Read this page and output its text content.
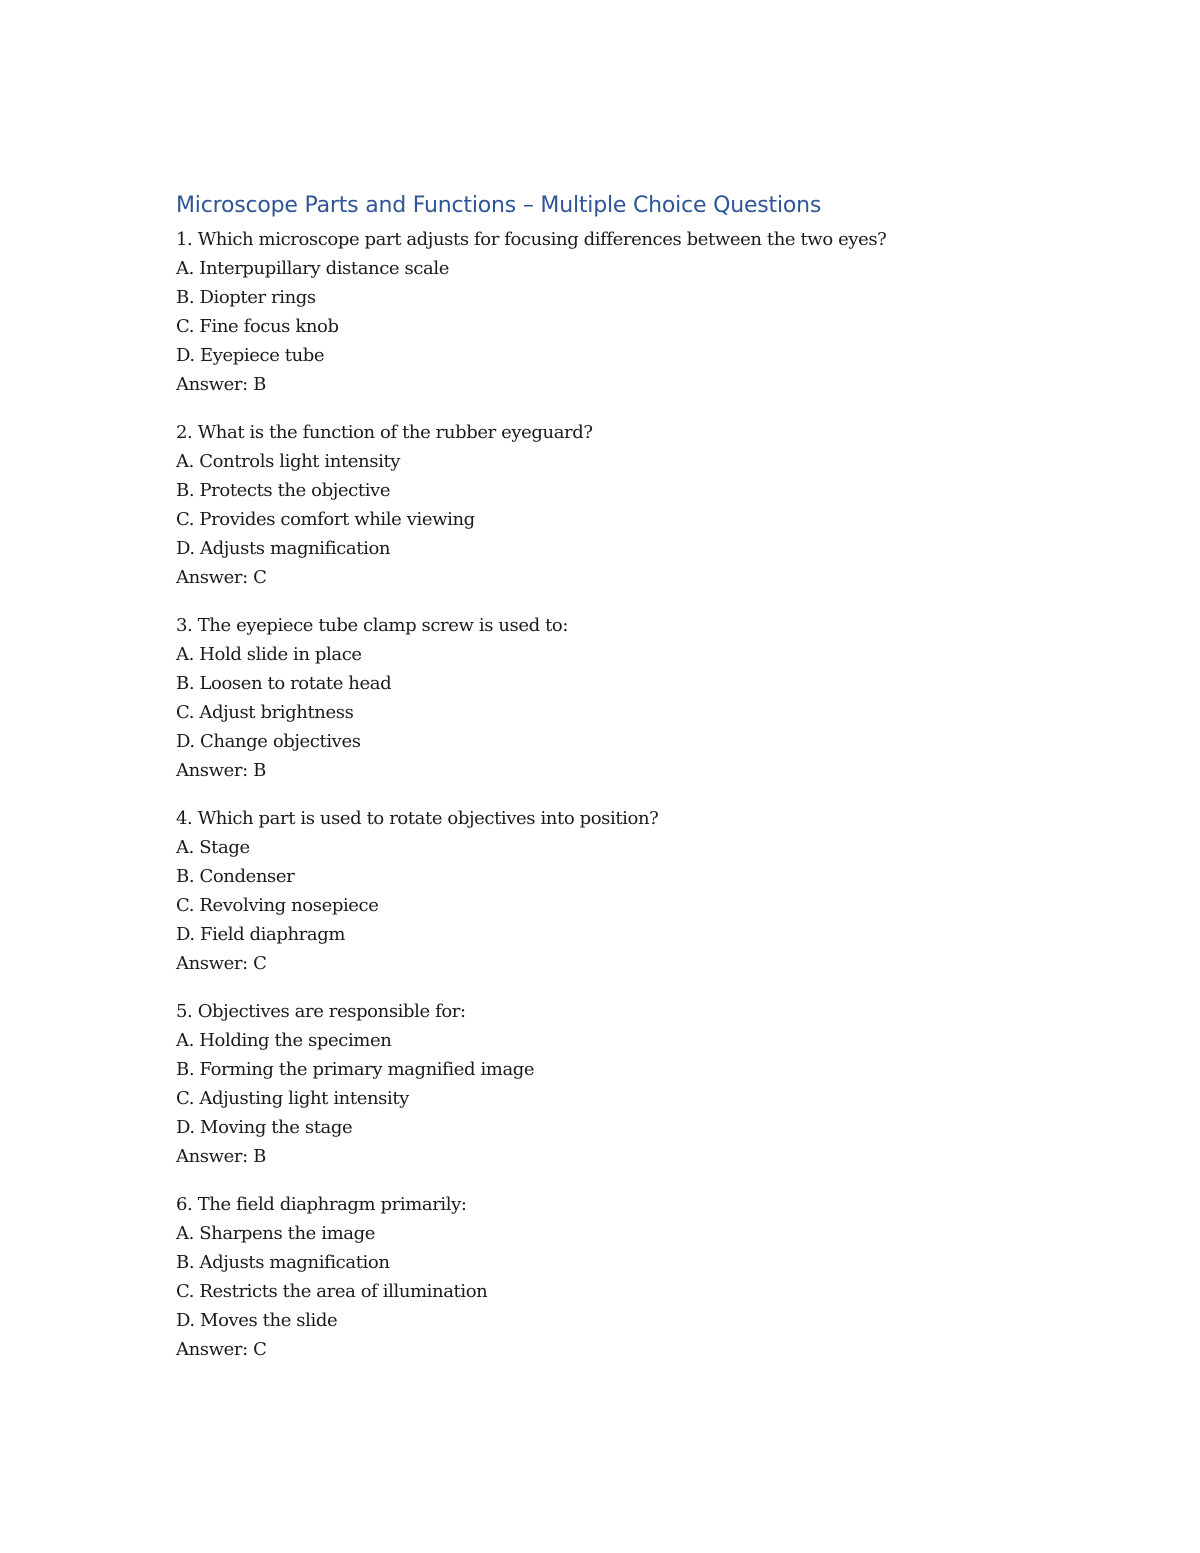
Microscope Parts and Functions – Multiple Choice Questions
1. Which microscope part adjusts for focusing differences between the two eyes?
A. Interpupillary distance scale
B. Diopter rings
C. Fine focus knob
D. Eyepiece tube
Answer: B
2. What is the function of the rubber eyeguard?
A. Controls light intensity
B. Protects the objective
C. Provides comfort while viewing
D. Adjusts magnification
Answer: C
3. The eyepiece tube clamp screw is used to:
A. Hold slide in place
B. Loosen to rotate head
C. Adjust brightness
D. Change objectives
Answer: B
4. Which part is used to rotate objectives into position?
A. Stage
B. Condenser
C. Revolving nosepiece
D. Field diaphragm
Answer: C
5. Objectives are responsible for:
A. Holding the specimen
B. Forming the primary magnified image
C. Adjusting light intensity
D. Moving the stage
Answer: B
6. The field diaphragm primarily:
A. Sharpens the image
B. Adjusts magnification
C. Restricts the area of illumination
D. Moves the slide
Answer: C
